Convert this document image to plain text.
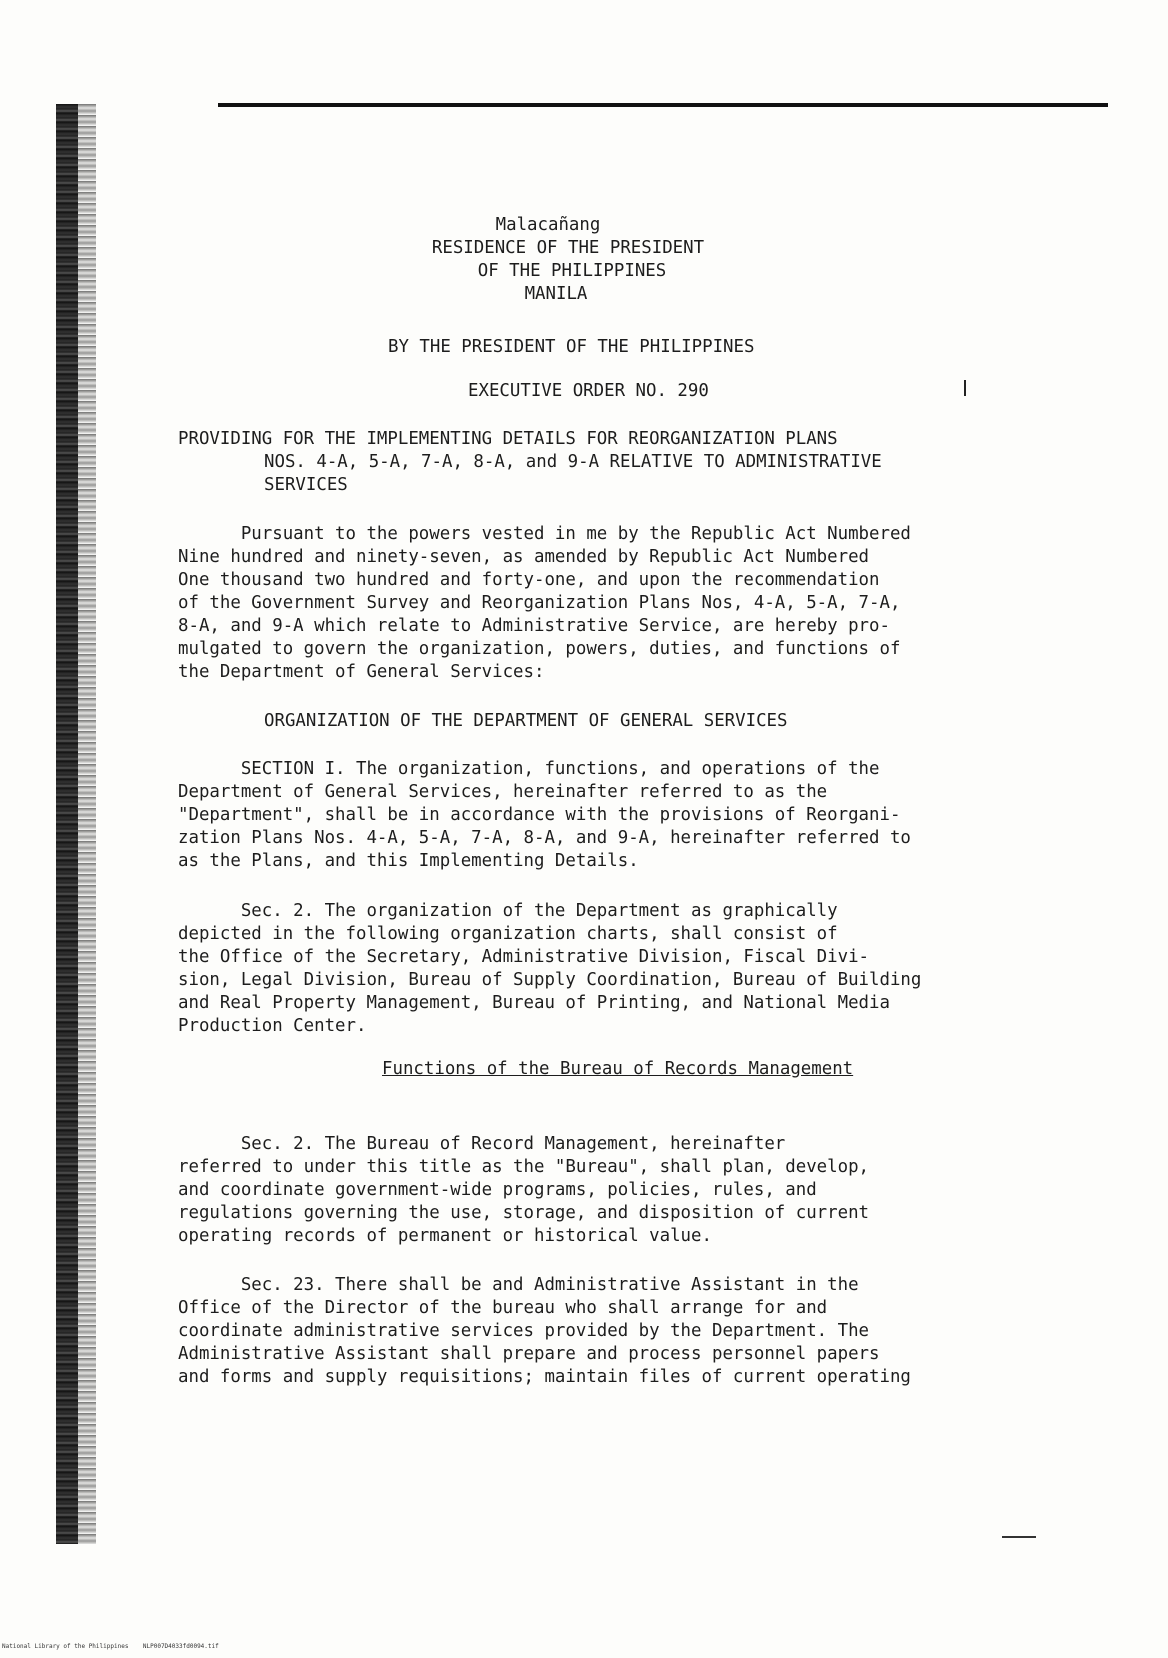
Malacañang

RESIDENCE OF THE PRESIDENT

OF THE PHILIPPINES

MANILA

BY THE PRESIDENT OF THE PHILIPPINES

EXECUTIVE ORDER NO. 290

PROVIDING FOR THE IMPLEMENTING DETAILS FOR REORGANIZATION PLANS

NOS. 4-A, 5-A, 7-A, 8-A, and 9-A RELATIVE TO ADMINISTRATIVE

SERVICES

Pursuant to the powers vested in me by the Republic Act Numbered

Nine hundred and ninety-seven, as amended by Republic Act Numbered

One thousand two hundred and forty-one, and upon the recommendation

of the Government Survey and Reorganization Plans Nos, 4-A, 5-A, 7-A,

8-A, and 9-A which relate to Administrative Service, are hereby pro-

mulgated to govern the organization, powers, duties, and functions of

the Department of General Services:

ORGANIZATION OF THE DEPARTMENT OF GENERAL SERVICES

SECTION I. The organization, functions, and operations of the

Department of General Services, hereinafter referred to as the

"Department", shall be in accordance with the provisions of Reorgani-

zation Plans Nos. 4-A, 5-A, 7-A, 8-A, and 9-A, hereinafter referred to

as the Plans, and this Implementing Details.

Sec. 2. The organization of the Department as graphically

depicted in the following organization charts, shall consist of

the Office of the Secretary, Administrative Division, Fiscal Divi-

sion, Legal Division, Bureau of Supply Coordination, Bureau of Building

and Real Property Management, Bureau of Printing, and National Media

Production Center.

Functions of the Bureau of Records Management

Sec. 2. The Bureau of Record Management, hereinafter

referred to under this title as the "Bureau", shall plan, develop,

and coordinate government-wide programs, policies, rules, and

regulations governing the use, storage, and disposition of current

operating records of permanent or historical value.

Sec. 23. There shall be and Administrative Assistant in the

Office of the Director of the bureau who shall arrange for and

coordinate administrative services provided by the Department. The

Administrative Assistant shall prepare and process personnel papers

and forms and supply requisitions; maintain files of current operating

National Library of the Philippines    NLP007D4033fd0094.tif
